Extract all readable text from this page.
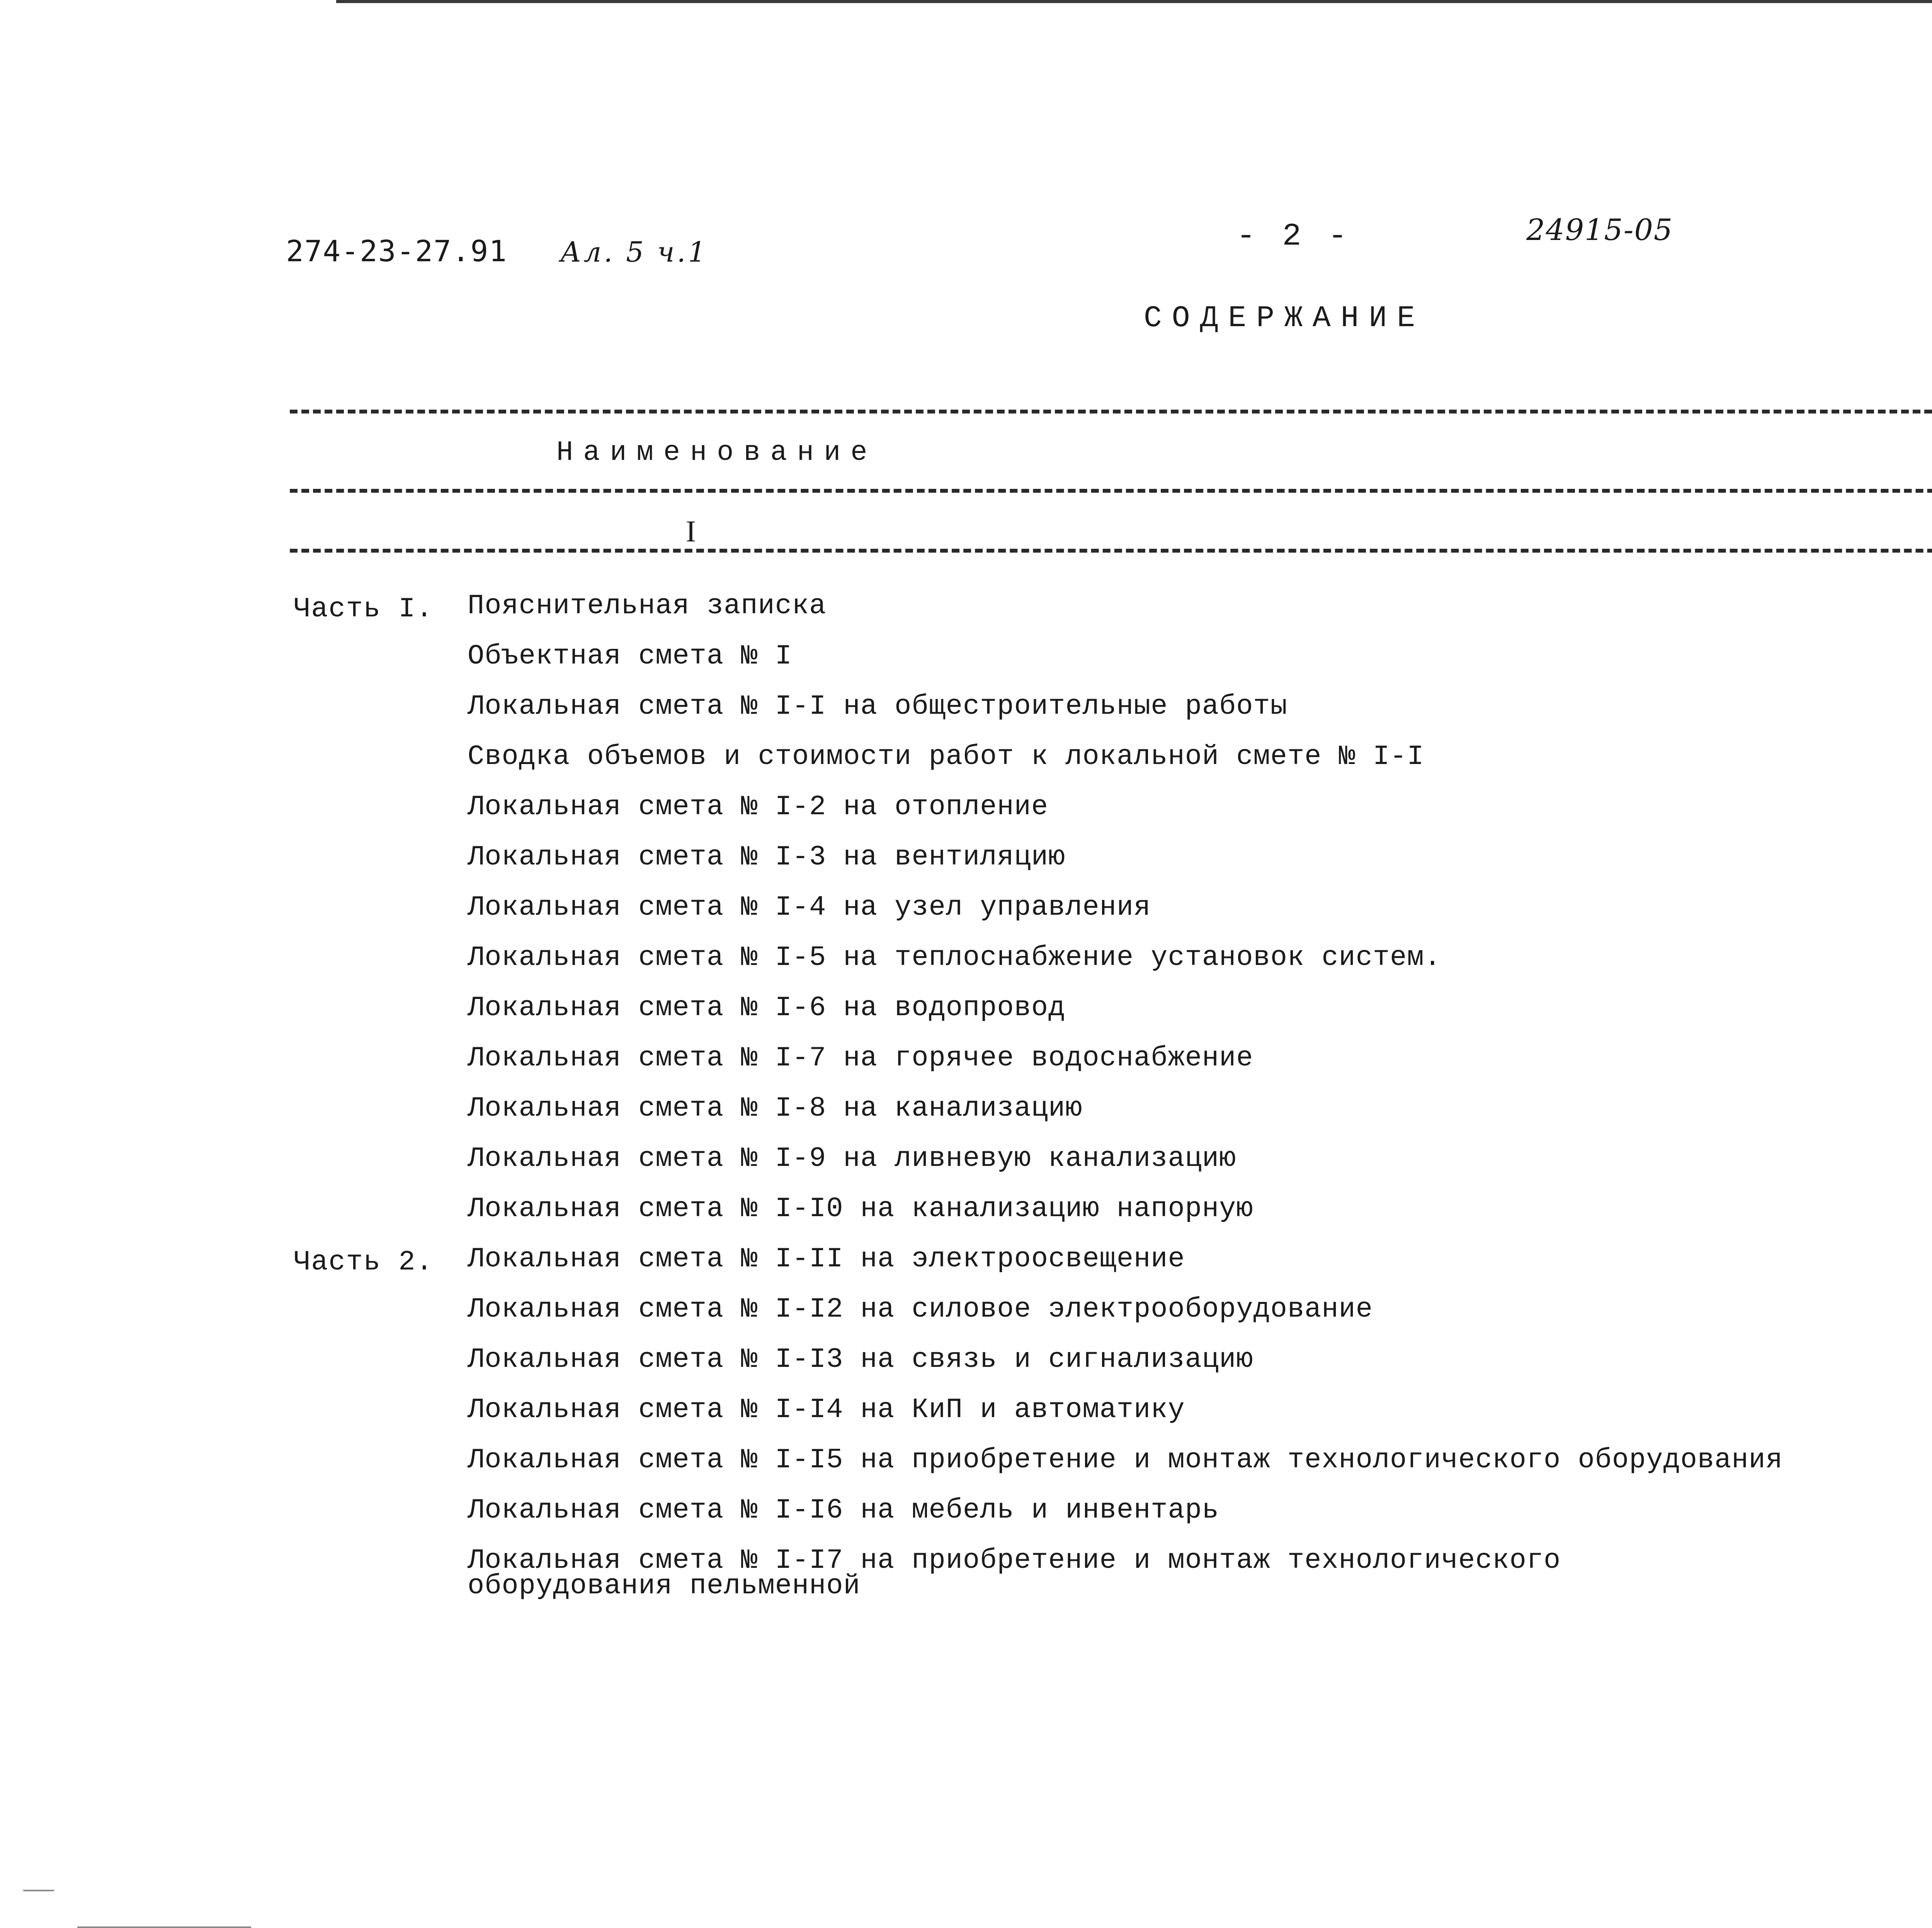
274-23-27.91 Ал. 5 ч.1	- 2 -	24915-05
СОДЕРЖАНИЕ
Наименование
I
Часть I. Пояснительная записка
Объектная смета № I
Локальная смета № I-I на общестроительные работы
Сводка объемов и стоимости работ к локальной смете № I-I
Локальная смета № I-2 на отопление
Локальная смета № I-3 на вентиляцию
Локальная смета № I-4 на узел управления
Локальная смета № I-5 на теплоснабжение установок систем.
Локальная смета № I-6 на водопровод
Локальная смета № I-7 на горячее водоснабжение
Локальная смета № I-8 на канализацию
Локальная смета № I-9 на ливневую канализацию
Локальная смета № I-I0 на канализацию напорную
Часть 2. Локальная смета № I-II на электроосвещение
Локальная смета № I-I2 на силовое электрооборудование
Локальная смета № I-I3 на связь и сигнализацию
Локальная смета № I-I4 на КиП и автоматику
Локальная смета № I-I5 на приобретение и монтаж технологического оборудования
Локальная смета № I-I6 на мебель и инвентарь
Локальная смета № I-I7 на приобретение и монтаж технологического
оборудования пельменной
